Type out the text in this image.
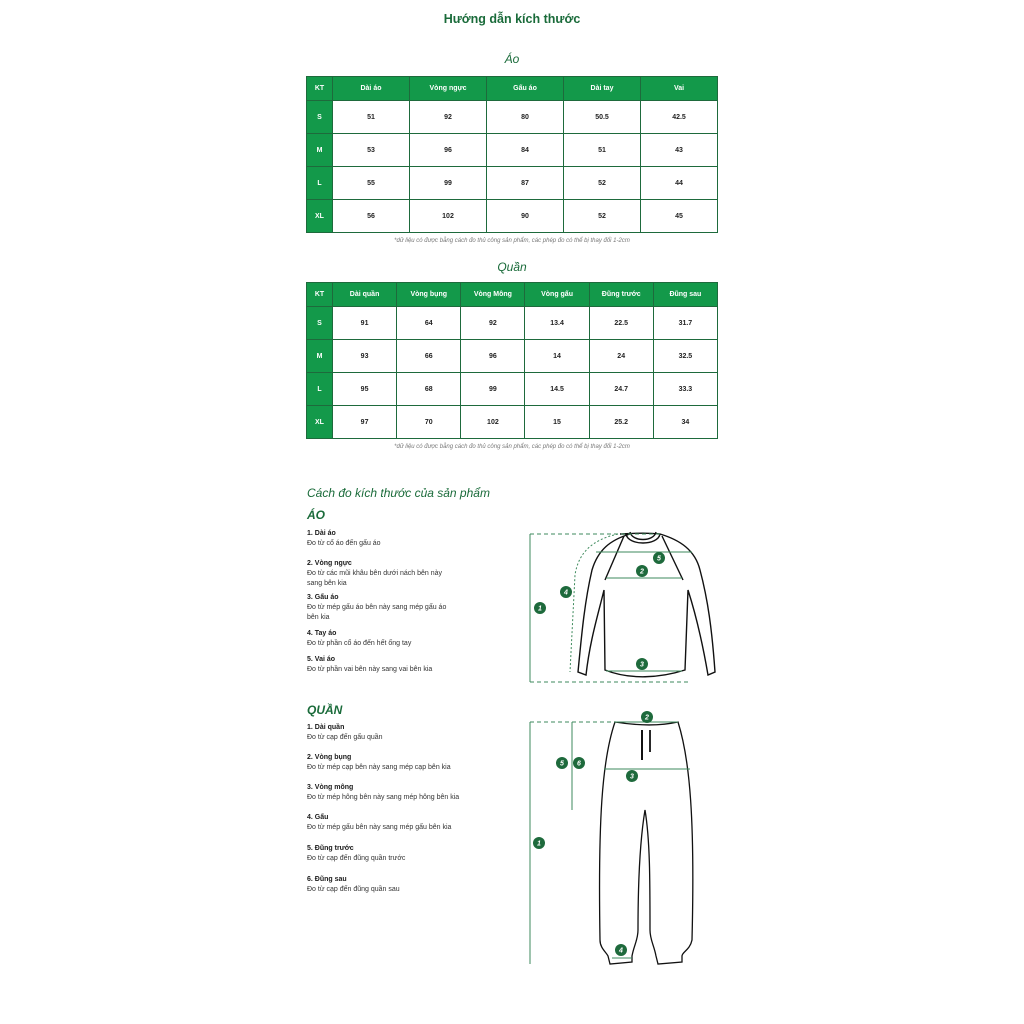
Hướng dẫn kích thước
Áo
KT	Dài áo	Vòng ngực	Gấu áo	Dài tay	Vai
S	51	92	80	50.5	42.5
M	53	96	84	51	43
L	55	99	87	52	44
XL	56	102	90	52	45
*dữ liệu có được bằng cách đo thủ công sản phẩm, các phép đo có thể bị thay đổi 1-2cm
Quần
KT	Dài quần	Vòng bụng	Vòng Mông	Vòng gấu	Đũng trước	Đũng sau
S	91	64	92	13.4	22.5	31.7
M	93	66	96	14	24	32.5
L	95	68	99	14.5	24.7	33.3
XL	97	70	102	15	25.2	34
*dữ liệu có được bằng cách đo thủ công sản phẩm, các phép đo có thể bị thay đổi 1-2cm
Cách đo kích thước của sản phẩm
ÁO
1. Dài áo
Đo từ cổ áo đến gấu áo
2. Vòng ngực
Đo từ các mũi khâu bên dưới nách bên này sang bên kia
3. Gấu áo
Đo từ mép gấu áo bên này sang mép gấu áo bên kia
4. Tay áo
Đo từ phần cổ áo đến hết ống tay
5. Vai áo
Đo từ phần vai bên này sang vai bên kia
QUẦN
1. Dài quần
Đo từ cạp đến gấu quần
2. Vòng bụng
Đo từ mép cạp bên này sang mép cạp bên kia
3. Vòng mông
Đo từ mép hông bên này sang mép hông bên kia
4. Gấu
Đo từ mép gấu bên này sang mép gấu bên kia
5. Đũng trước
Đo từ cạp đến đũng quần trước
6. Đũng sau
Đo từ cạp đến đũng quần sau
1
2
3
4
5
1
2
3
4
5 6
